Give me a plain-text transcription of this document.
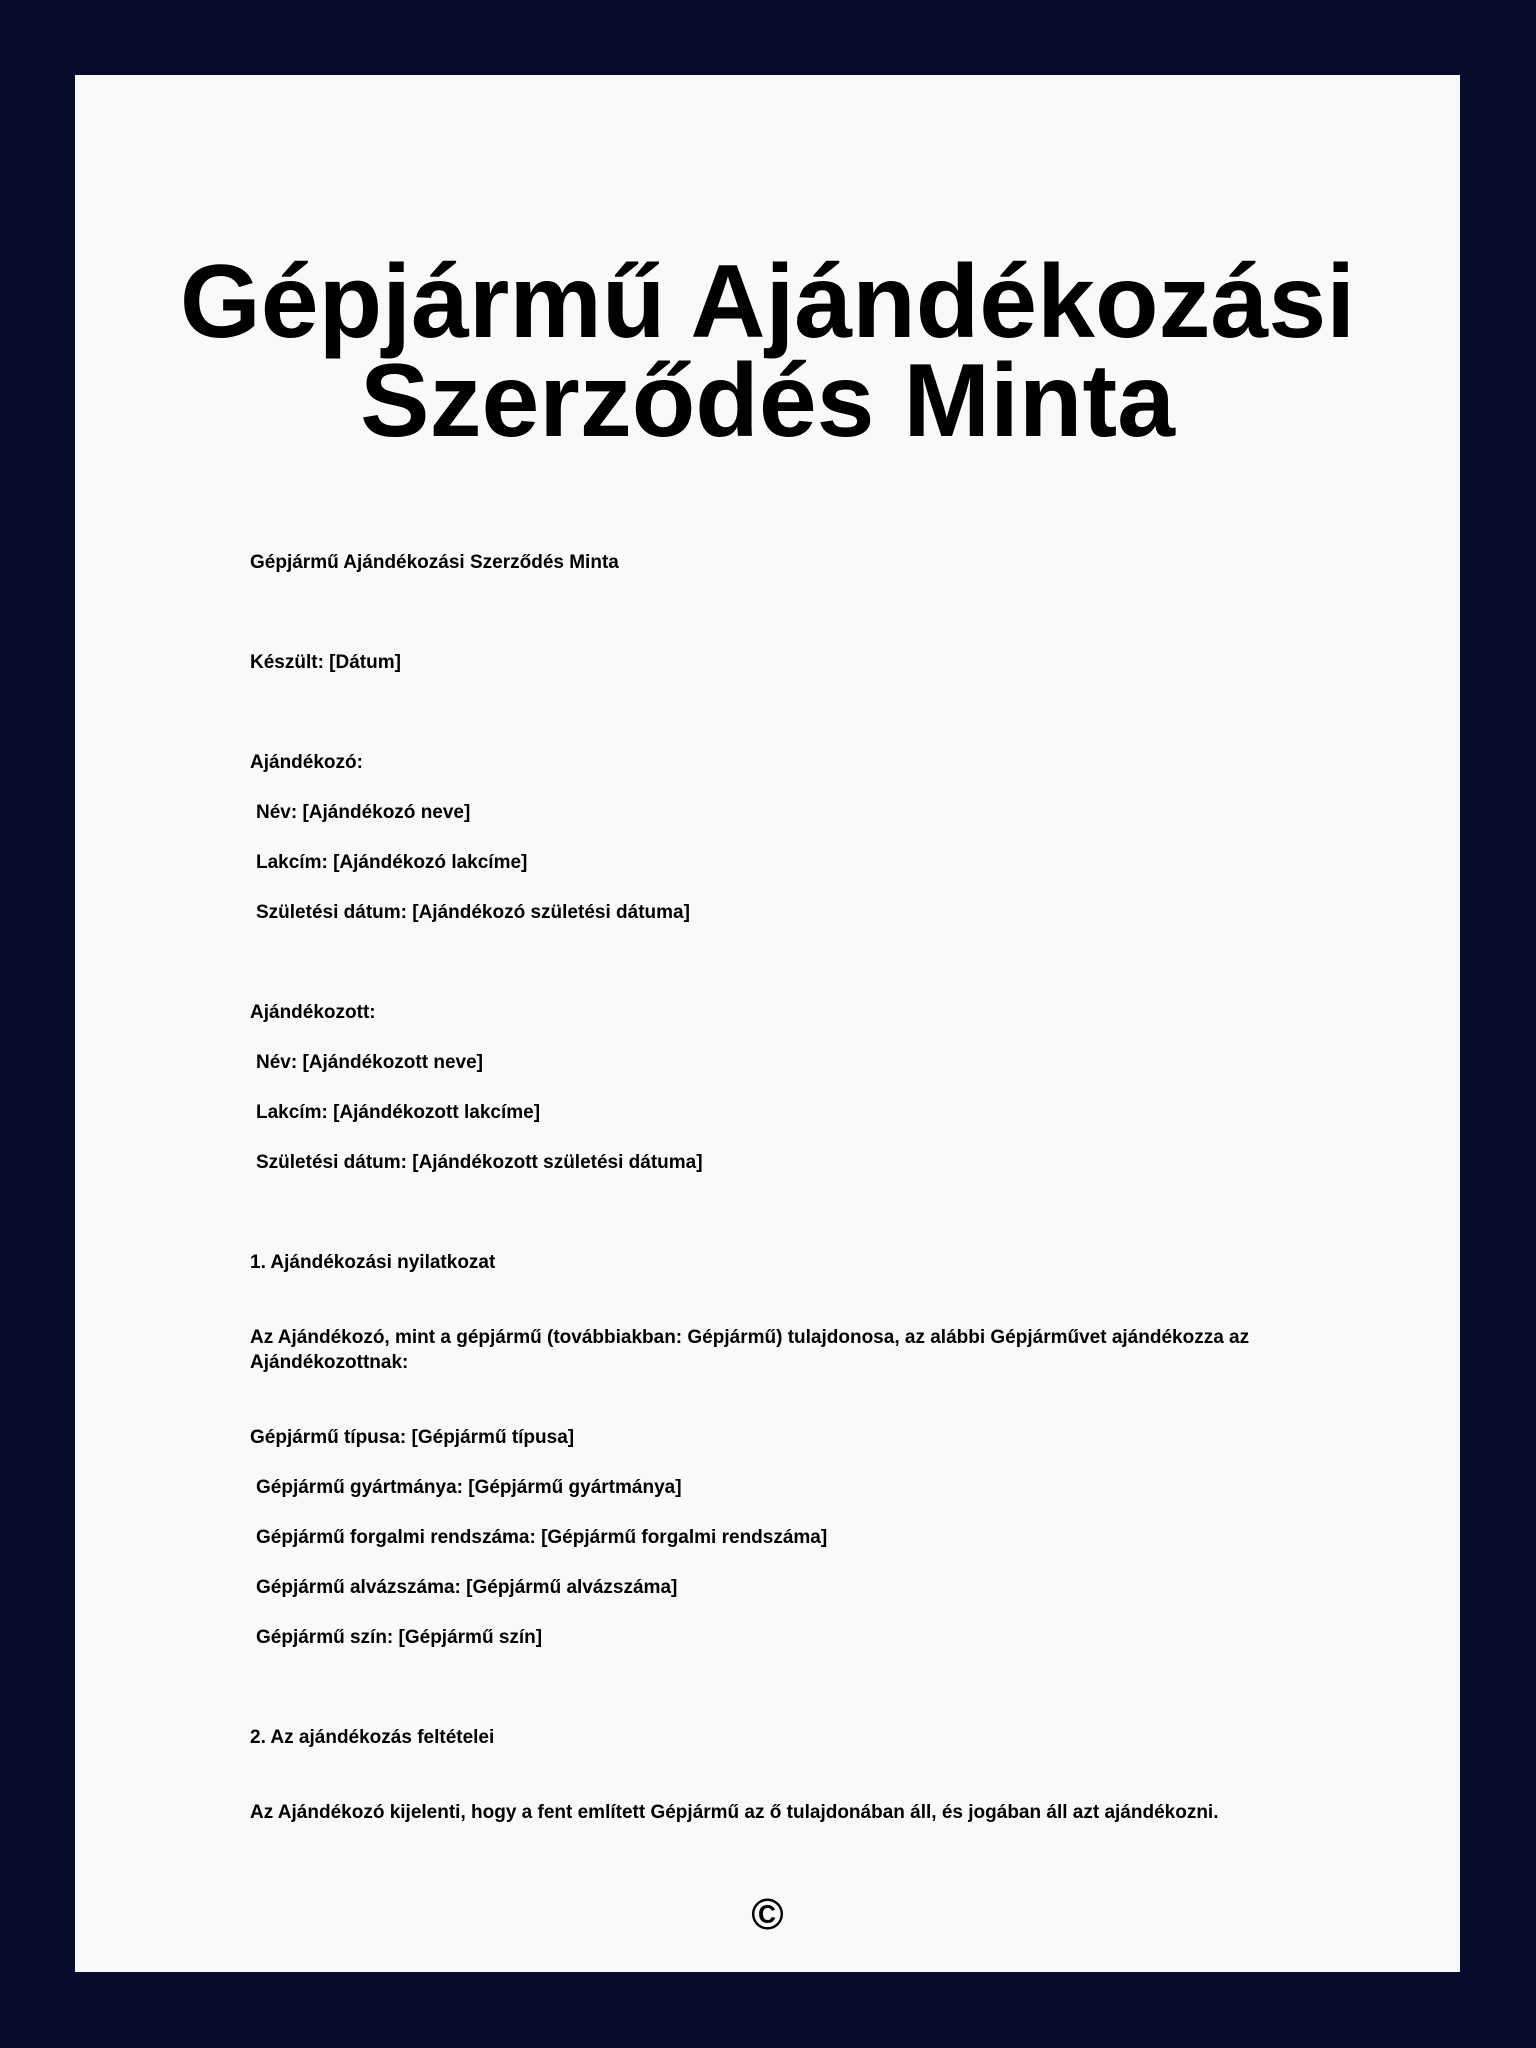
Gépjármű Ajándékozási Szerződés Minta

Gépjármű Ajándékozási Szerződés Minta

Készült: [Dátum]

Ajándékozó:

Név: [Ajándékozó neve]

Lakcím: [Ajándékozó lakcíme]

Születési dátum: [Ajándékozó születési dátuma]

Ajándékozott:

Név: [Ajándékozott neve]

Lakcím: [Ajándékozott lakcíme]

Születési dátum: [Ajándékozott születési dátuma]

1. Ajándékozási nyilatkozat

Az Ajándékozó, mint a gépjármű (továbbiakban: Gépjármű) tulajdonosa, az alábbi Gépjárművet ajándékozza az Ajándékozottnak:

Gépjármű típusa: [Gépjármű típusa]

Gépjármű gyártmánya: [Gépjármű gyártmánya]

Gépjármű forgalmi rendszáma: [Gépjármű forgalmi rendszáma]

Gépjármű alvázszáma: [Gépjármű alvázszáma]

Gépjármű szín: [Gépjármű szín]

2. Az ajándékozás feltételei

Az Ajándékozó kijelenti, hogy a fent említett Gépjármű az ő tulajdonában áll, és jogában áll azt ajándékozni.

©
